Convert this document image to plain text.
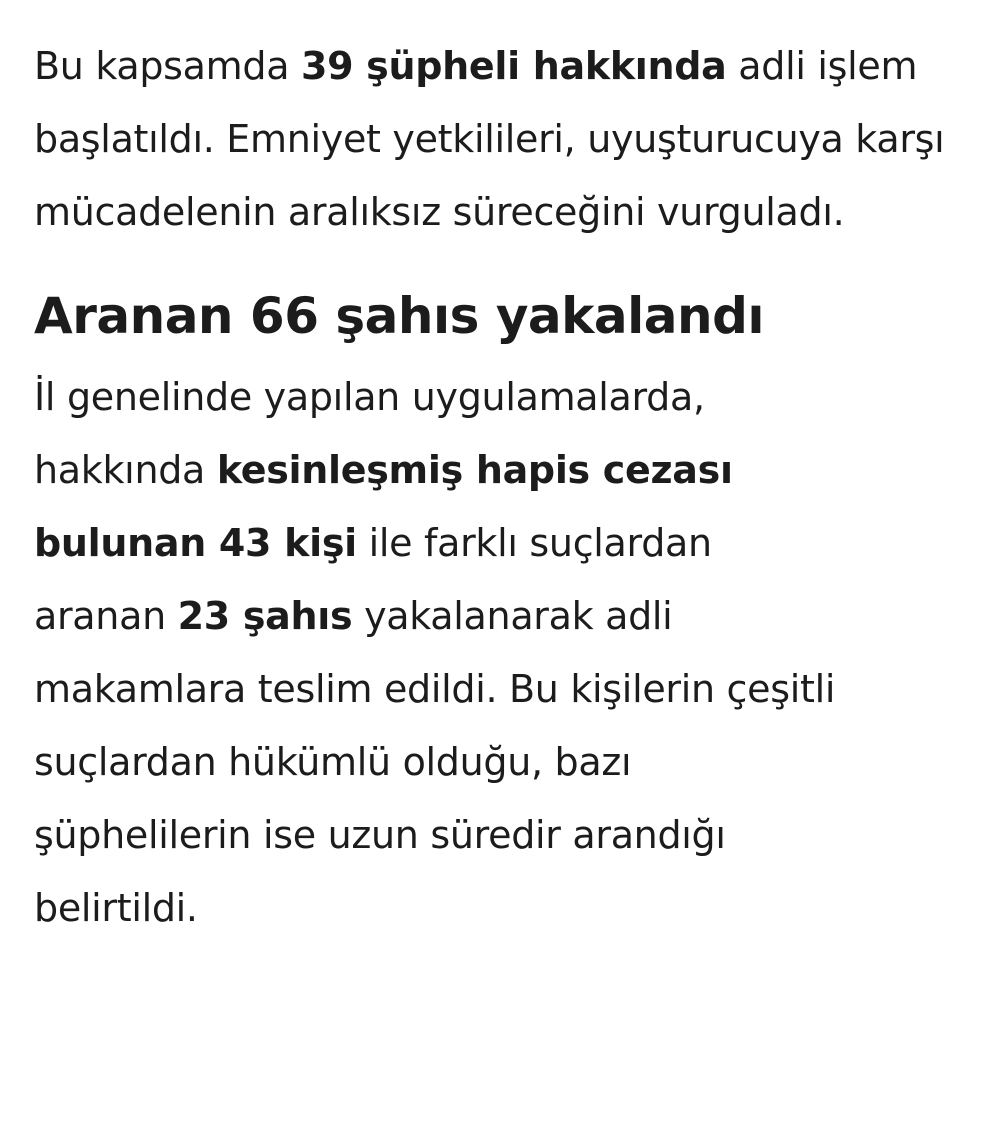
Bu kapsamda 39 şüpheli hakkında adli işlem başlatıldı. Emniyet yetkilileri, uyuşturucuya karşı mücadelenin aralıksız süreceğini vurguladı.

Aranan 66 şahıs yakalandı

İl genelinde yapılan uygulamalarda, hakkında kesinleşmiş hapis cezası bulunan 43 kişi ile farklı suçlardan aranan 23 şahıs yakalanarak adli makamlara teslim edildi. Bu kişilerin çeşitli suçlardan hükümlü olduğu, bazı şüphelilerin ise uzun süredir arandığı belirtildi.
